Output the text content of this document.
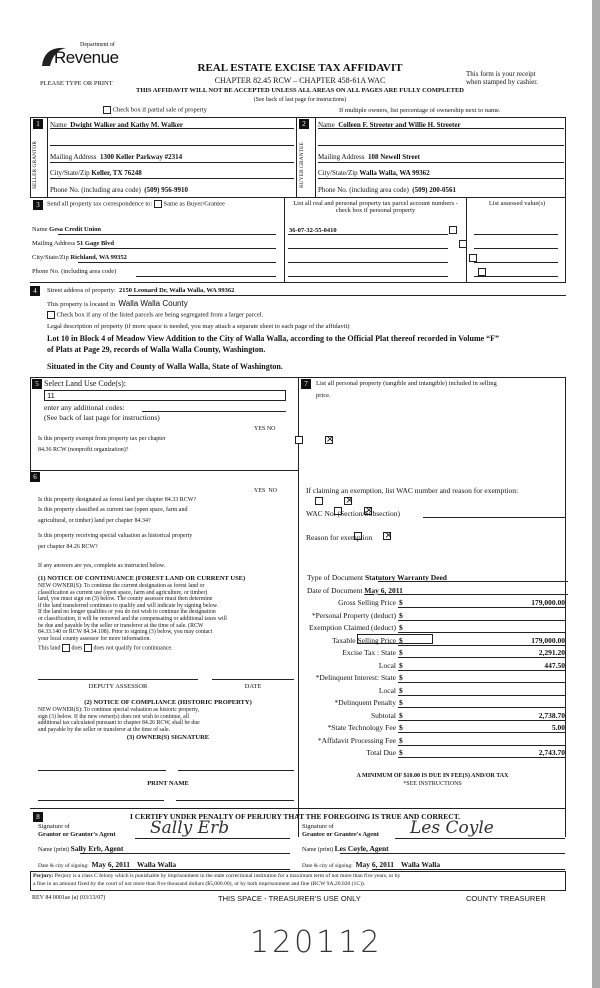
Department of
Revenue
PLEASE TYPE OR PRINT
REAL ESTATE EXCISE TAX AFFIDAVIT
CHAPTER 82.45 RCW – CHAPTER 458-61A WAC
THIS AFFIDAVIT WILL NOT BE ACCEPTED UNLESS ALL AREAS ON ALL PAGES ARE FULLY COMPLETED
(See back of last page for instructions)
This form is your receipt
when stamped by cashier.
Check box if partial sale of property	If multiple owners, list percentage of ownership next to name.
1	2
SELLER GRANTOR	BUYER GRANTEE
Name Dwight Walker and Kathy M. Walker
Mailing Address 1300 Keller Parkway #2314
City/State/Zip Keller, TX 76248
Phone No. (including area code) (509) 956-9910
Name Colleen F. Streeter and Willie H. Streeter
Mailing Address 108 Newell Street
City/State/Zip Walla Walla, WA 99362
Phone No. (including area code) (509) 200-0561
3	Send all property tax correspondence to: Same as Buyer/Grantee	List all real and personal property tax parcel account numbers - check box if personal property
List assessed value(s)
Name Gesa Credit Union
Mailing Address 51 Gage Blvd
City/State/Zip Richland, WA 99352
Phone No. (including area code)
36-07-32-55-0410

4	Street address of property: 2150 Leonard Dr, Walla Walla, WA 99362
This property is located in Walla Walla County
Check box if any of the listed parcels are being segregated from a larger parcel.
Legal description of property (if more space is needed, you may attach a separate sheet to each page of the affidavit)
Lot 10 in Block 4 of Meadow View Addition to the City of Walla Walla, according to the Official Plat thereof recorded in Volume “F”
of Plats at Page 29, records of Walla Walla County, Washington.
Situated in the City and County of Walla Walla, State of Washington.
5 Select Land Use Code(s):
11
enter any additional codes:
(See back of last page for instructions)
YES NO
Is this property exempt from property tax per chapter
84.36 RCW (nonprofit organization)?
×
6
YES NO
Is this property designated as forest land per chapter 84.33 RCW?
Is this property classified as current use (open space, farm and
agricultural, or timber) land per chapter 84.34?
Is this property receiving special valuation as historical property
per chapter 84.26 RCW?
×  ×  ×
If any answers are yes, complete as instructed below.
(1) NOTICE OF CONTINUANCE (FOREST LAND OR CURRENT USE)
NEW OWNER(S): To continue the current designation as forest land or
classification as current use (open space, farm and agriculture, or timber)
land, you must sign on (3) below. The county assessor must then determine
if the land transferred continues to qualify and will indicate by signing below.
If the land no longer qualifies or you do not wish to continue the designation
or classification, it will be removed and the compensating or additional taxes will
be due and payable by the seller or transferor at the time of sale. (RCW
84.33.140 or RCW 84.34.108). Prior to signing (3) below, you may contact
your local county assessor for more information.
This land does does not qualify for continuance.
DEPUTY ASSESSOR	DATE
(2) NOTICE OF COMPLIANCE (HISTORIC PROPERTY)
NEW OWNER(S): To continue special valuation as historic property,
sign (3) below. If the new owner(s) does not wish to continue, all
additional tax calculated pursuant to chapter 84.26 RCW, shall be due
and payable by the seller or transferor at the time of sale.
(3) OWNER(S) SIGNATURE
PRINT NAME
7	List all personal property (tangible and intangible) included in selling
price.
If claiming an exemption, list WAC number and reason for exemption:
WAC No. (Section/Subsection)
Reason for exemption
Type of Document Statutory Warranty Deed
Date of Document May 6, 2011
Gross Selling Price $	179,000.00
*Personal Property (deduct) $
Exemption Claimed (deduct) $
Taxable Selling Price $	179,000.00
Excise Tax : State $	2,291.20
Local $	447.50
*Delinquent Interest: State $
Local $
*Delinquent Penalty $
Subtotal $	2,738.70
*State Technology Fee $	5.00
*Affidavit Processing Fee $
Total Due $	2,743.70
A MINIMUM OF $10.00 IS DUE IN FEE(S) AND/OR TAX
*SEE INSTRUCTIONS
8	I CERTIFY UNDER PENALTY OF PERJURY THAT THE FOREGOING IS TRUE AND CORRECT.
Signature of
Grantor or Grantor's Agent
Signature of
Grantee or Grantee's Agent
Sally Erb	Les Coyle
Name (print) Sally Erb, Agent	Name (print) Les Coyle, Agent
Date & city of signing: May 6, 2011 Walla Walla	Date & city of signing: May 6, 2011 Walla Walla
Perjury: Perjury is a class C felony which is punishable by imprisonment in the state correctional institution for a maximum term of not more than five years, or by
a fine in an amount fixed by the court of not more than five thousand dollars ($5,000.00), or by both imprisonment and fine (RCW 9A.20.020 (1C)).
REV 84 0001ae (a) (03/13/07)	THIS SPACE - TREASURER'S USE ONLY	COUNTY TREASURER
120112
